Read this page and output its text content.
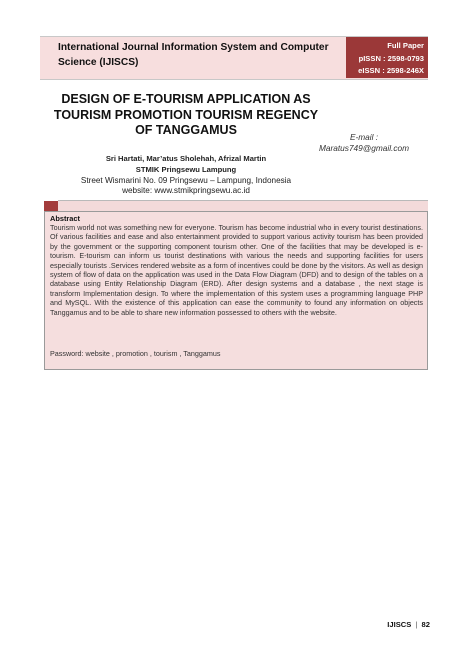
International Journal Information System and Computer Science (IJISCS)
Full Paper
pISSN : 2598-0793
eISSN : 2598-246X
DESIGN OF E-TOURISM APPLICATION AS TOURISM PROMOTION TOURISM REGENCY OF TANGGAMUS	E-mail :
Maratus749@gmail.com
Sri Hartati, Mar’atus Sholehah, Afrizal Martin
STMIK Pringsewu Lampung
Street Wismarini No. 09 Pringsewu – Lampung, Indonesia
website: www.stmikpringsewu.ac.id
Abstract

Tourism world not was something new for everyone. Tourism has become industrial who in every tourist destinations. Of various facilities and ease and also entertainment provided to support various activity tourism has been provided by the government or the supporting component tourism other. One of the facilities that may be developed is e-tourism. E-tourism can inform us tourist destinations with various the needs and supporting facilities for users especially tourists .Services rendered website as a form of incentives could be done by the visitors. As well as design system of flow of data on the application was used in the Data Flow Diagram (DFD) and to design of the tables on a database using Entity Relationship Diagram (ERD). After design systems and a database , the next stage is transform Implementation design. To where the implementation of this system uses a programming language PHP and MySQL. With the existence of this application can ease the community to found any information on objects Tanggamus and to be able to share new information possessed to others with the website.

Password: website , promotion , tourism , Tanggamus
IJISCS | 82
